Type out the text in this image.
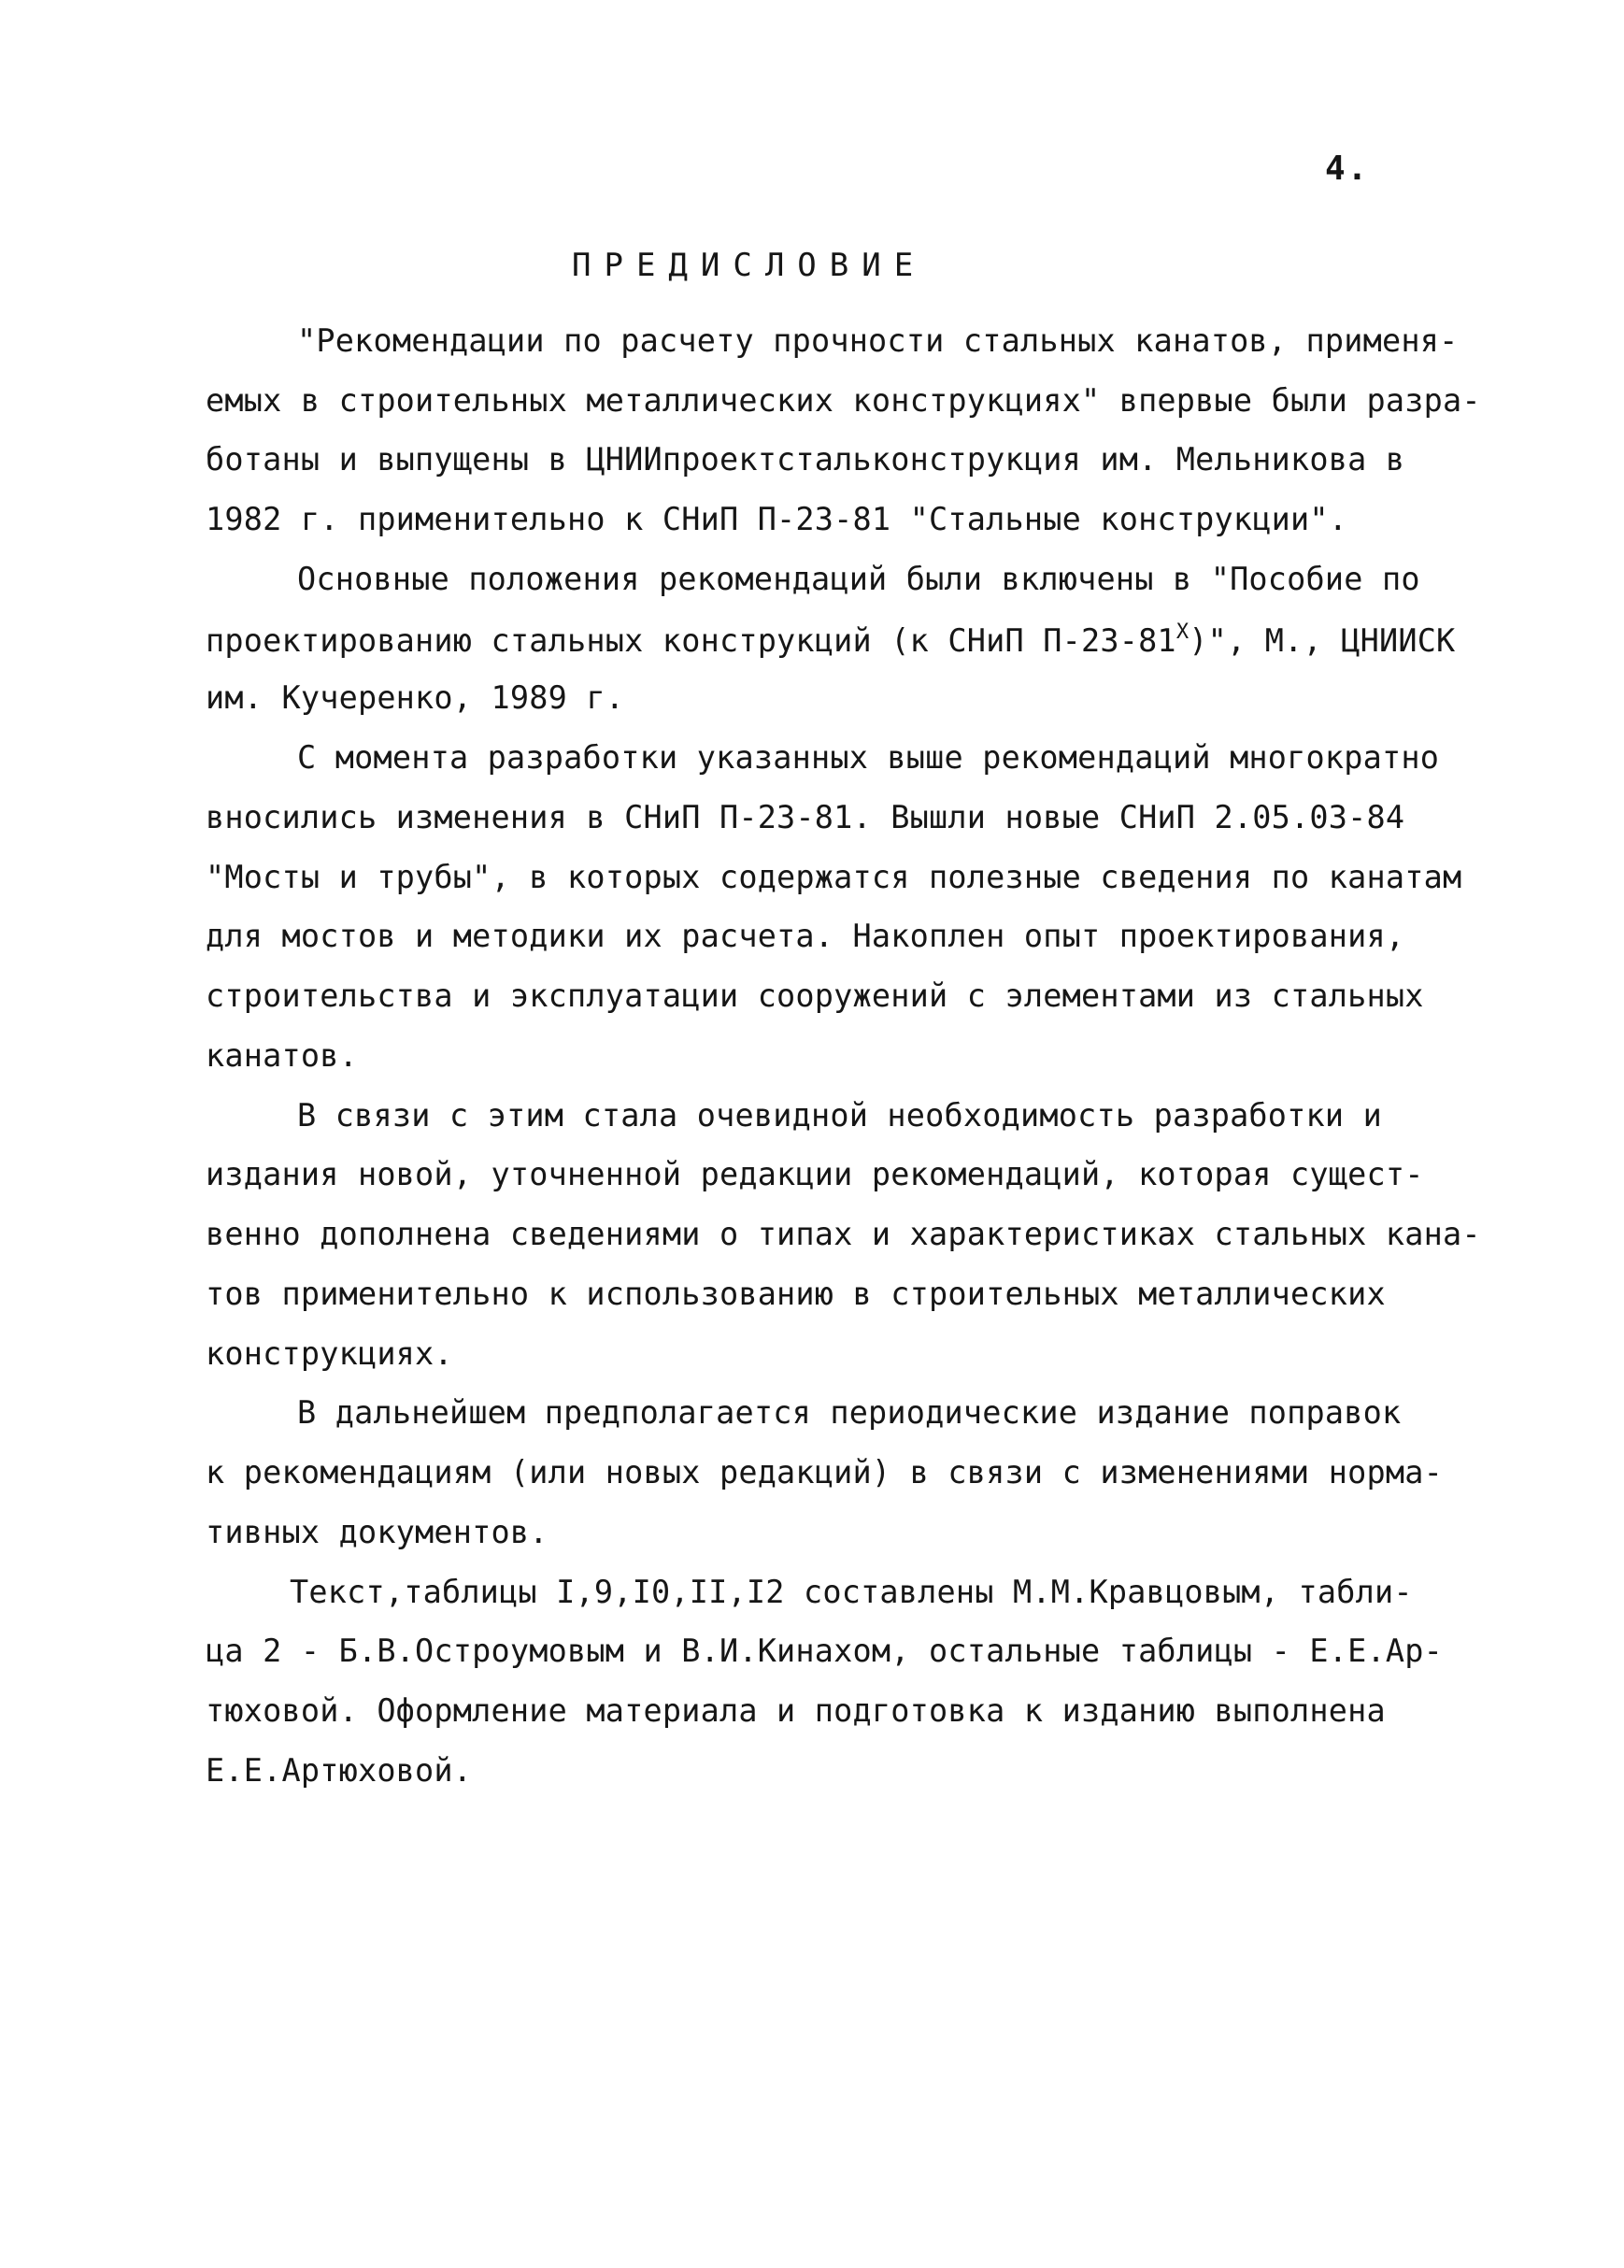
4.
ПРЕДИСЛОВИЕ
"Рекомендации по расчету прочности стальных канатов, применя-
емых в строительных металлических конструкциях" впервые были разра-
ботаны и выпущены в ЦНИИпроектстальконструкция им. Мельникова в
1982 г. применительно к СНиП П-23-81 "Стальные конструкции".
Основные положения рекомендаций были включены в "Пособие по
проектированию стальных конструкций (к СНиП $П-23-81^X$)", М., ЦНИИСК
им. Кучеренко, 1989 г.
С момента разработки указанных выше рекомендаций многократно
вносились изменения в СНиП П-23-81. Вышли новые СНиП 2.05.03-84
"Мосты и трубы", в которых содержатся полезные сведения по канатам
для мостов и методики их расчета. Накоплен опыт проектирования,
строительства и эксплуатации сооружений с элементами из стальных
канатов.
В связи с этим стала очевидной необходимость разработки и
издания новой, уточненной редакции рекомендаций, которая сущест-
венно дополнена сведениями о типах и характеристиках стальных кана-
тов применительно к использованию в строительных металлических
конструкциях.
В дальнейшем предполагается периодические издание поправок
к рекомендациям (или новых редакций) в связи с изменениями норма-
тивных документов.
Текст,таблицы I,9,I0,II,I2 составлены М.М.Кравцовым, табли-
ца 2 - Б.В.Остроумовым и В.И.Кинахом, остальные таблицы - Е.Е.Ар-
тюховой. Оформление материала и подготовка к изданию выполнена
Е.Е.Артюховой.
